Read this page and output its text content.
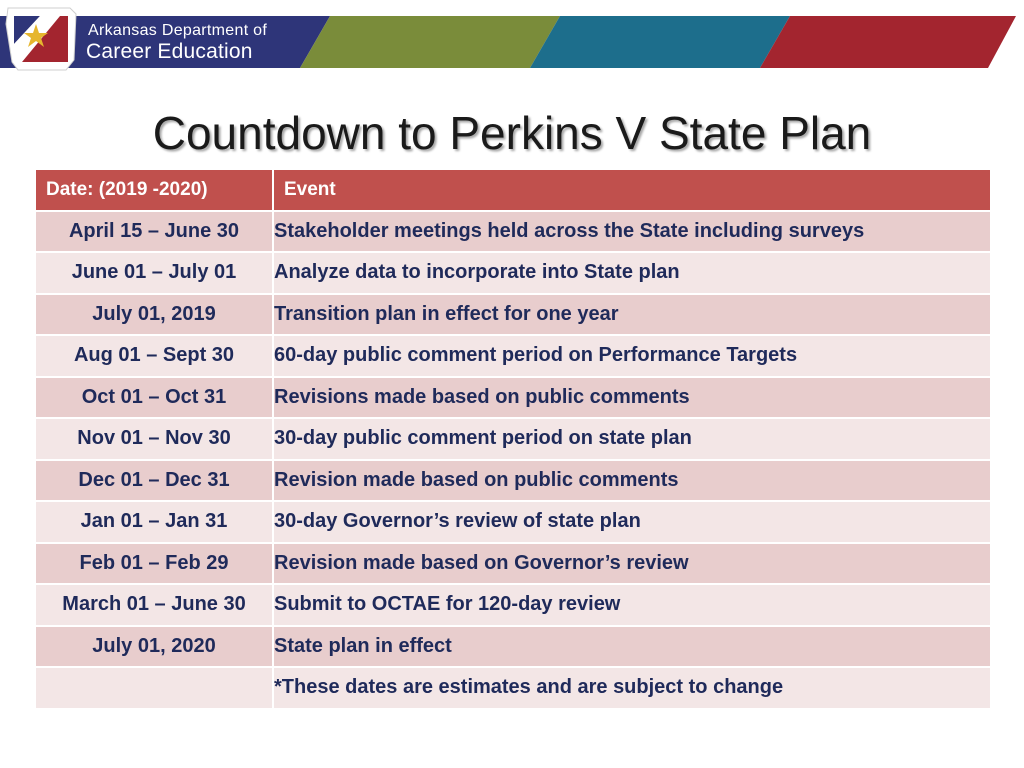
Arkansas Department of
Career Education
Countdown to Perkins V State Plan
Date: (2019 -2020)	Event
April 15 – June 30	Stakeholder meetings held across the State including surveys
June 01 – July 01	Analyze data to incorporate into State plan
July 01, 2019	Transition plan in effect for one year
Aug 01 – Sept 30	60-day public comment period on Performance Targets
Oct 01 – Oct 31	Revisions made based on public comments
Nov 01 – Nov 30	30-day public comment period on state plan
Dec 01 – Dec 31	Revision made based on public comments
Jan 01 – Jan 31	30-day Governor’s review of state plan
Feb 01 – Feb 29	Revision made based on Governor’s review
March 01 – June 30	Submit to OCTAE for 120-day review
July 01, 2020	State plan in effect
	*These dates are estimates and are subject to change
